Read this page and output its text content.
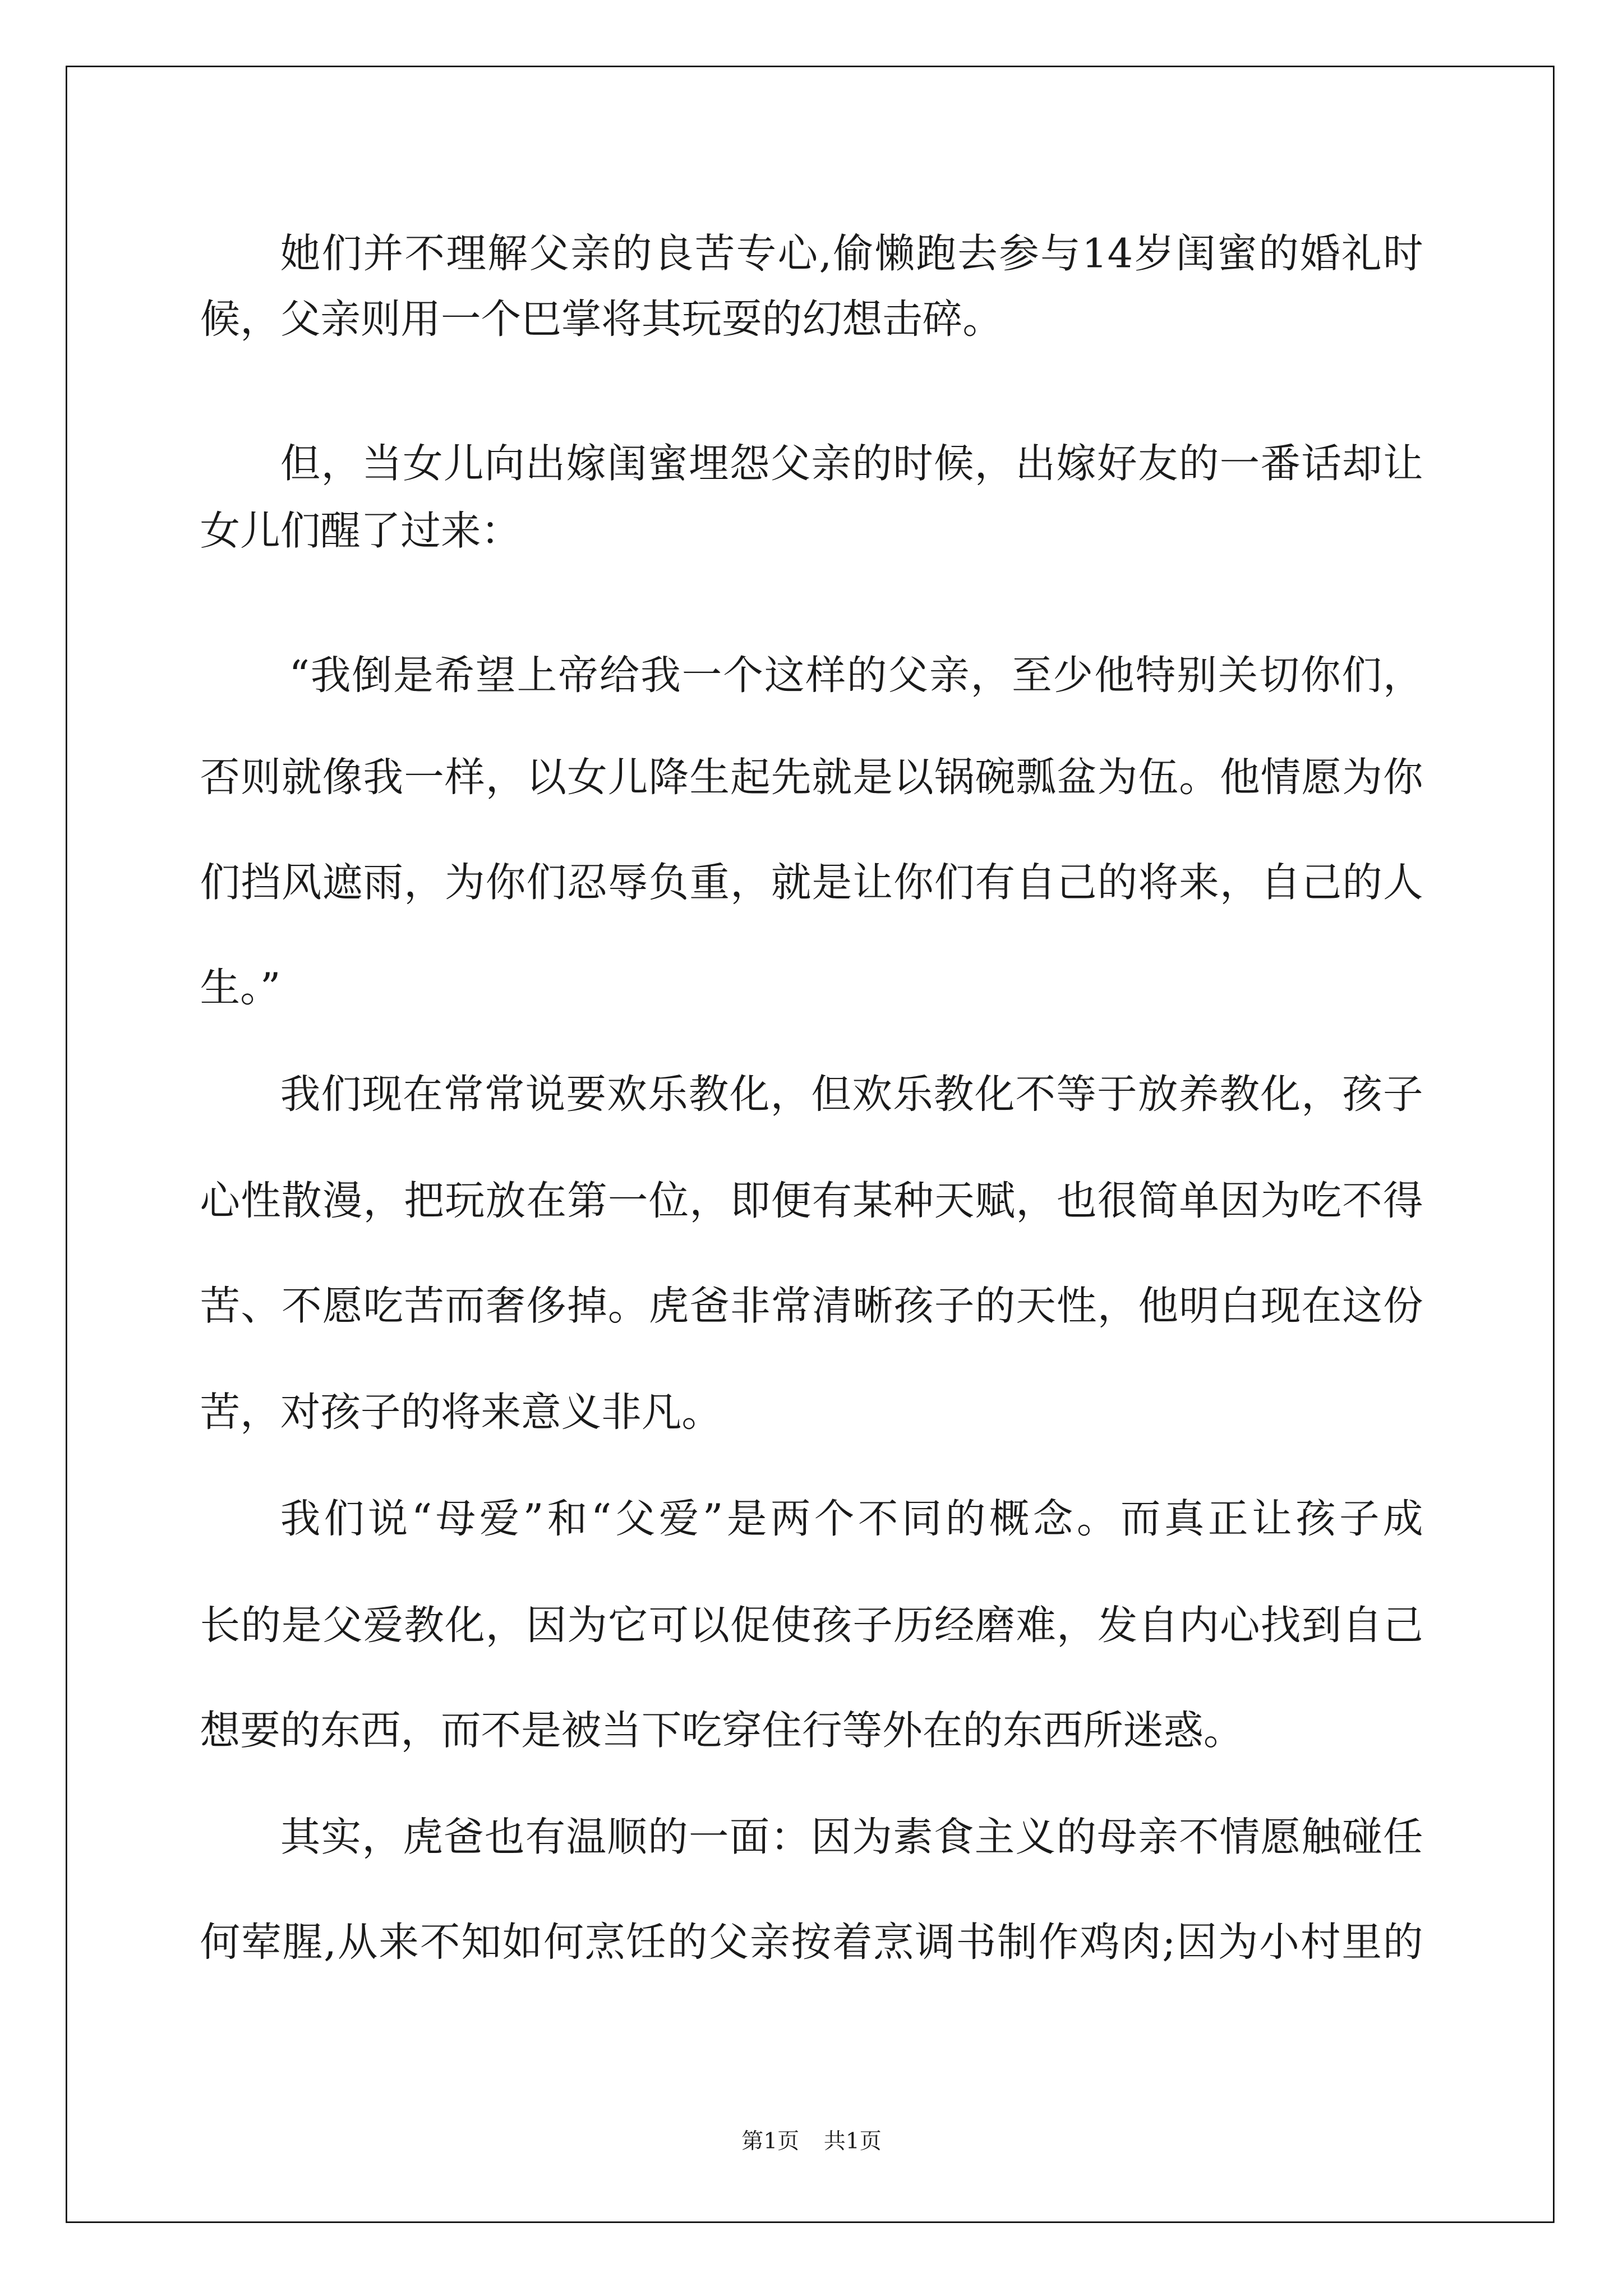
她们并不理解父亲的良苦专心,偷懒跑去参与14岁闺蜜的婚礼时
候，父亲则用一个巴掌将其玩耍的幻想击碎。
但，当女儿向出嫁闺蜜埋怨父亲的时候，出嫁好友的一番话却让
女儿们醒了过来：
“我倒是希望上帝给我一个这样的父亲，至少他特别关切你们，
否则就像我一样，以女儿降生起先就是以锅碗瓢盆为伍。他情愿为你
们挡风遮雨，为你们忍辱负重，就是让你们有自己的将来，自己的人
生。”
我们现在常常说要欢乐教化，但欢乐教化不等于放养教化，孩子
心性散漫，把玩放在第一位，即便有某种天赋，也很简单因为吃不得
苦、不愿吃苦而奢侈掉。虎爸非常清晰孩子的天性，他明白现在这份
苦，对孩子的将来意义非凡。
我们说“母爱”和“父爱”是两个不同的概念。而真正让孩子成
长的是父爱教化，因为它可以促使孩子历经磨难，发自内心找到自己
想要的东西，而不是被当下吃穿住行等外在的东西所迷惑。
其实，虎爸也有温顺的一面：因为素食主义的母亲不情愿触碰任
何荤腥,从来不知如何烹饪的父亲按着烹调书制作鸡肉;因为小村里的
第1页	共1页
